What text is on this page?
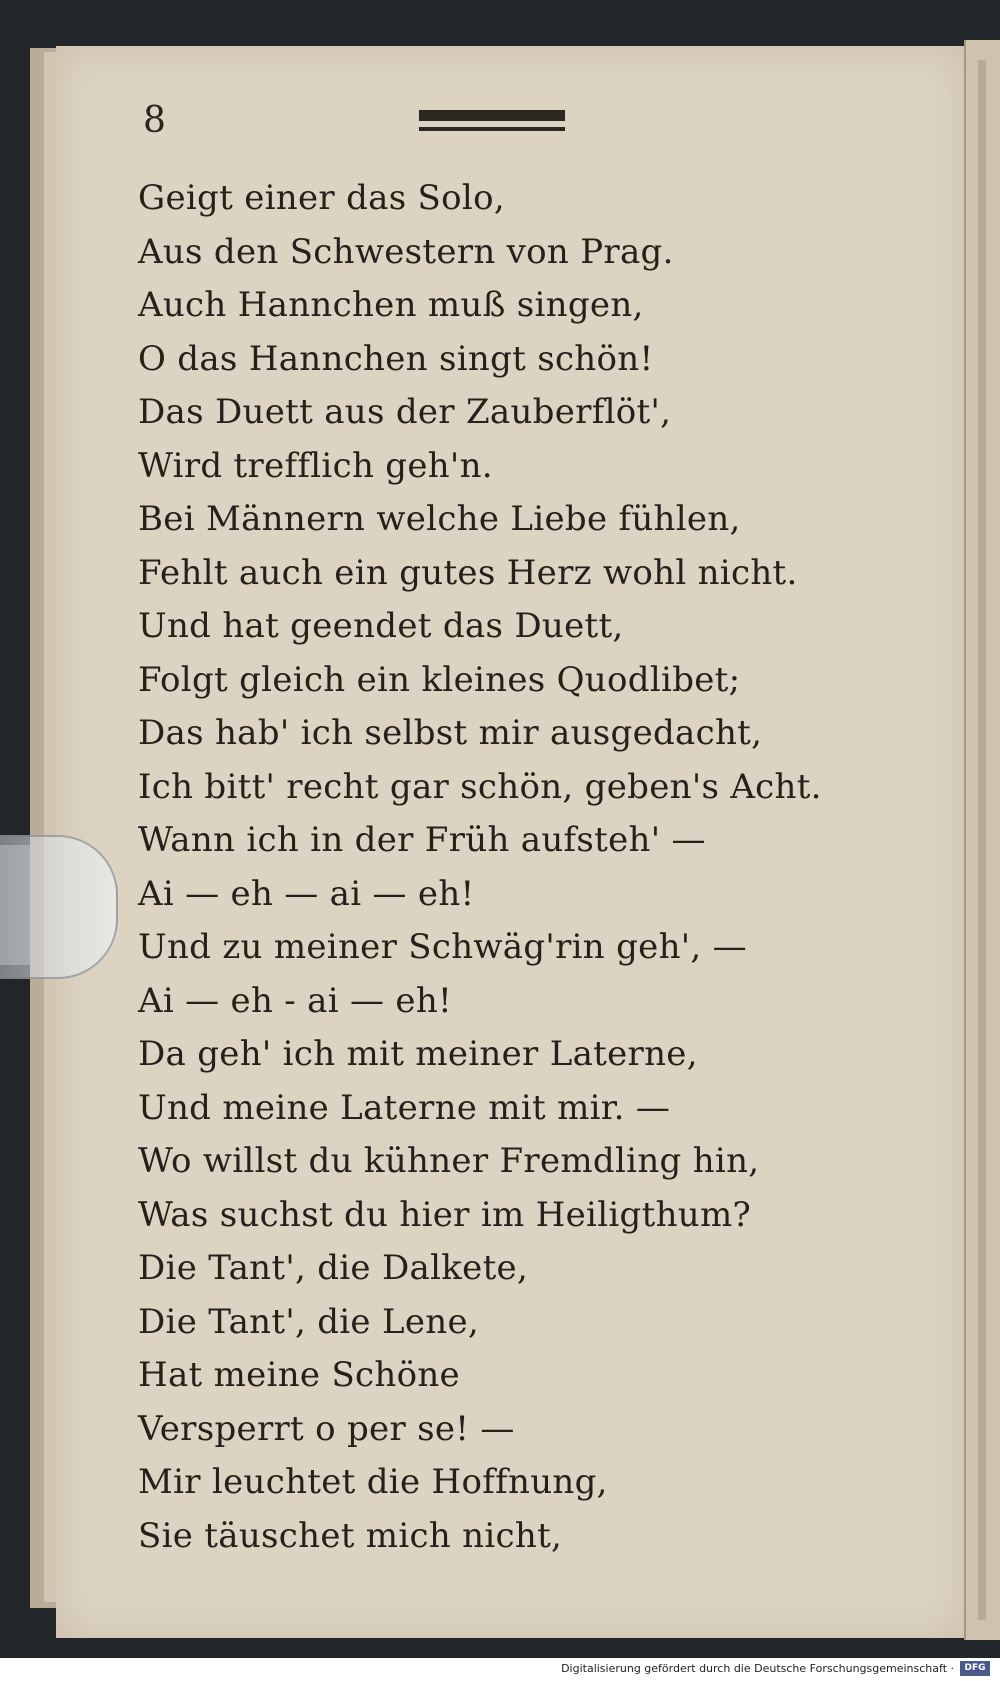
8
Geigt einer das Solo,
Aus den Schwestern von Prag.
Auch Hannchen muß singen,
O das Hannchen singt schön!
Das Duett aus der Zauberflöt',
Wird trefflich geh'n.
Bei Männern welche Liebe fühlen,
Fehlt auch ein gutes Herz wohl nicht.
Und hat geendet das Duett,
Folgt gleich ein kleines Quodlibet;
Das hab' ich selbst mir ausgedacht,
Ich bitt' recht gar schön, geben's Acht.
Wann ich in der Früh aufsteh' —
Ai — eh — ai — eh!
Und zu meiner Schwäg'rin geh', —
Ai — eh - ai — eh!
Da geh' ich mit meiner Laterne,
Und meine Laterne mit mir. —
Wo willst du kühner Fremdling hin,
Was suchst du hier im Heiligthum?
Die Tant', die Dalkete,
Die Tant', die Lene,
Hat meine Schöne
Versperrt o per se! —
Mir leuchtet die Hoffnung,
Sie täuschet mich nicht,
Digitalisierung gefördert durch die Deutsche Forschungsgemeinschaft ·	DFG
